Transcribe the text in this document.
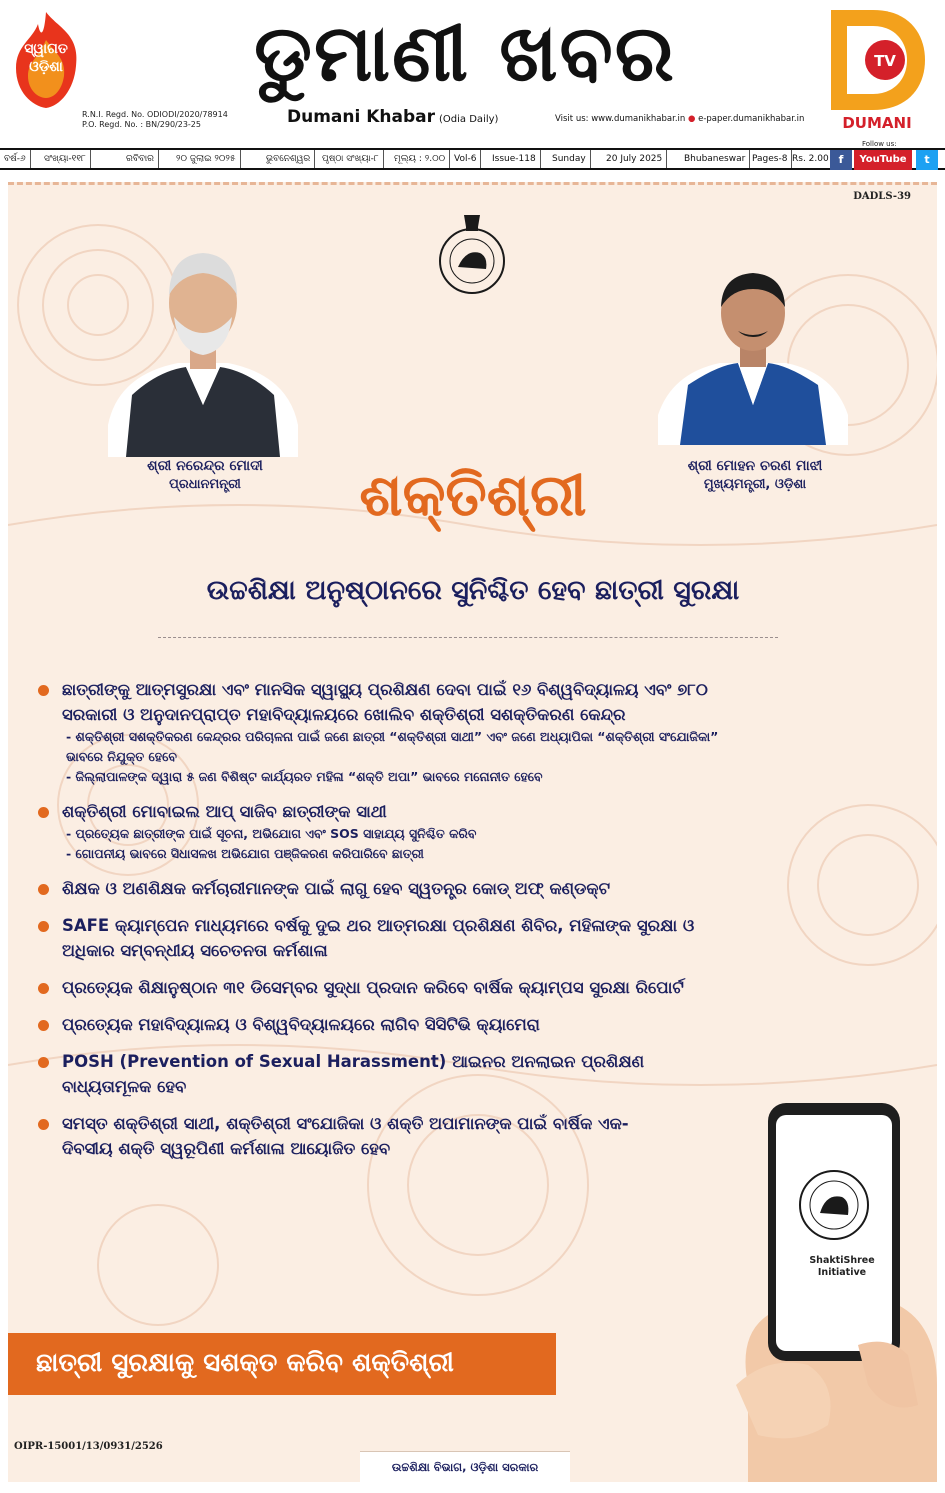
ସ୍ୱାଗତ ଓଡ଼ିଶା	ଡୁମାଣୀ ଖବର
Dumani Khabar (Odia Daily)
R.N.I. Regd. No. ODIODI/2020/78914
P.O. Regd. No. : BN/290/23-25
Visit us: www.dumanikhabar.in ● e-paper.dumanikhabar.in
TV
DUMANI
Follow us:
ବର୍ଷ-୬	ସଂଖ୍ୟା-୧୧୮	ରବିବାର	୨୦ ଜୁଲାଇ ୨୦୨୫	ଭୁବନେଶ୍ୱର	ପୃଷ୍ଠା ସଂଖ୍ୟା-୮	ମୂଲ୍ୟ : ୨.୦୦ Vol-6	Issue-118	Sunday	20 July 2025	Bhubaneswar Pages-8 Rs. 2.00 f	YouTube	t
DADLS-39
ଶ୍ରୀ ନରେନ୍ଦ୍ର ମୋଦୀ
ପ୍ରଧାନମନ୍ତ୍ରୀ
ଶ୍ରୀ ମୋହନ ଚରଣ ମାଝୀ
ମୁଖ୍ୟମନ୍ତ୍ରୀ, ଓଡ଼ିଶା
ଶକ୍ତିଶ୍ରୀ
ଉଚ୍ଚଶିକ୍ଷା ଅନୁଷ୍ଠାନରେ ସୁନିଶ୍ଚିତ ହେବ ଛାତ୍ରୀ ସୁରକ୍ଷା
ଛାତ୍ରୀଙ୍କୁ ଆତ୍ମସୁରକ୍ଷା ଏବଂ ମାନସିକ ସ୍ୱାସ୍ଥ୍ୟ ପ୍ରଶିକ୍ଷଣ ଦେବା ପାଇଁ ୧୬ ବିଶ୍ୱବିଦ୍ୟାଳୟ ଏବଂ ୭୮୦ ସରକାରୀ ଓ ଅନୁଦାନପ୍ରାପ୍ତ ମହାବିଦ୍ୟାଳୟରେ ଖୋଲିବ ଶକ୍ତିଶ୍ରୀ ସଶକ୍ତିକରଣ କେନ୍ଦ୍ର
- ଶକ୍ତିଶ୍ରୀ ସଶକ୍ତିକରଣ କେନ୍ଦ୍ରର ପରିଚାଳନା ପାଇଁ ଜଣେ ଛାତ୍ରୀ “ଶକ୍ତିଶ୍ରୀ ସାଥୀ” ଏବଂ ଜଣେ ଅଧ୍ୟାପିକା “ଶକ୍ତିଶ୍ରୀ ସଂଯୋଜିକା” ଭାବରେ ନିଯୁକ୍ତ ହେବେ
- ଜିଲ୍ଲାପାଳଙ୍କ ଦ୍ୱାରା ୫ ଜଣ ବିଶିଷ୍ଟ କାର୍ଯ୍ୟରତ ମହିଳା “ଶକ୍ତି ଅପା” ଭାବରେ ମନୋନୀତ ହେବେ
ଶକ୍ତିଶ୍ରୀ ମୋବାଇଲ ଆପ୍ ସାଜିବ ଛାତ୍ରୀଙ୍କ ସାଥୀ
- ପ୍ରତ୍ୟେକ ଛାତ୍ରୀଙ୍କ ପାଇଁ ସୂଚନା, ଅଭିଯୋଗ ଏବଂ SOS ସାହାଯ୍ୟ ସୁନିଶ୍ଚିତ କରିବ
- ଗୋପନୀୟ ଭାବରେ ସିଧାସଳଖ ଅଭିଯୋଗ ପଞ୍ଜିକରଣ କରିପାରିବେ ଛାତ୍ରୀ
ଶିକ୍ଷକ ଓ ଅଣଶିକ୍ଷକ କର୍ମଚାରୀମାନଙ୍କ ପାଇଁ ଲାଗୁ ହେବ ସ୍ୱତନ୍ତ୍ର କୋଡ୍ ଅଫ୍ କଣ୍ଡକ୍ଟ
SAFE କ୍ୟାମ୍ପେନ ମାଧ୍ୟମରେ ବର୍ଷକୁ ଦୁଇ ଥର ଆତ୍ମରକ୍ଷା ପ୍ରଶିକ୍ଷଣ ଶିବିର, ମହିଳାଙ୍କ ସୁରକ୍ଷା ଓ ଅଧିକାର ସମ୍ବନ୍ଧୀୟ ସଚେତନତା କର୍ମଶାଳା
ପ୍ରତ୍ୟେକ ଶିକ୍ଷାନୁଷ୍ଠାନ ୩୧ ଡିସେମ୍ବର ସୁଦ୍ଧା ପ୍ରଦାନ କରିବେ ବାର୍ଷିକ କ୍ୟାମ୍ପସ ସୁରକ୍ଷା ରିପୋର୍ଟ
ପ୍ରତ୍ୟେକ ମହାବିଦ୍ୟାଳୟ ଓ ବିଶ୍ୱବିଦ୍ୟାଳୟରେ ଲାଗିବ ସିସିଟିଭି କ୍ୟାମେରା
POSH (Prevention of Sexual Harassment) ଆଇନର ଅନଲାଇନ ପ୍ରଶିକ୍ଷଣ ବାଧ୍ୟତାମୂଳକ ହେବ
ସମସ୍ତ ଶକ୍ତିଶ୍ରୀ ସାଥୀ, ଶକ୍ତିଶ୍ରୀ ସଂଯୋଜିକା ଓ ଶକ୍ତି ଅପାମାନଙ୍କ ପାଇଁ ବାର୍ଷିକ ଏକ-ଦିବସୀୟ ଶକ୍ତି ସ୍ୱରୂପିଣୀ କର୍ମଶାଳା ଆୟୋଜିତ ହେବ
ShaktiShree
Initiative
ଛାତ୍ରୀ ସୁରକ୍ଷାକୁ ସଶକ୍ତ କରିବ ଶକ୍ତିଶ୍ରୀ
OIPR-15001/13/0931/2526
ଉଚ୍ଚଶିକ୍ଷା ବିଭାଗ, ଓଡ଼ିଶା ସରକାର
